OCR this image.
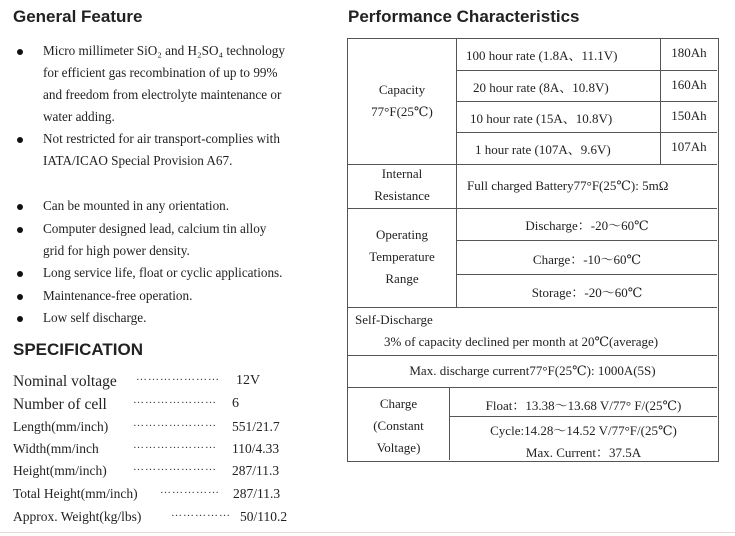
General Feature
Micro millimeter SiO₂ and H₂SO₄ technology
for efficient gas recombination of up to 99%
and freedom from electrolyte maintenance or
water adding.
Not restricted for air transport-complies with
IATA/ICAO Special Provision A67.
Can be mounted in any orientation.
Computer designed lead, calcium tin alloy
grid for high power density.
Long service life, float or cyclic applications.
Maintenance-free operation.
Low self discharge.
SPECIFICATION
Nominal voltage ………………… 12V
Number of cell ………………… 6
Length(mm/inch) ………………… 551/21.7
Width(mm/inch	………………… 110/4.33
Height(mm/inch) ………………… 287/11.3
Total Height(mm/inch) …………… 287/11.3
Approx. Weight(kg/lbs)	…………… 50/110.2
Performance Characteristics
Capacity
77°F(25℃)
100 hour rate (1.8A、11.1V)	180Ah
20 hour rate (8A、10.8V)	160Ah
10 hour rate (15A、10.8V)	150Ah
1 hour rate (107A、9.6V)	107Ah
Internal
Resistance
Full charged Battery77°F(25℃): 5mΩ
Operating
Temperature
Range
Discharge：-20～60℃
Charge：-10～60℃
Storage：-20～60℃
Self-Discharge
3% of capacity declined per month at 20℃(average)
Max. discharge current77°F(25℃): 1000A(5S)
Charge
(Constant
Voltage)
Float：13.38～13.68 V/77° F/(25℃)
Cycle:14.28～14.52 V/77°F/(25℃)
Max. Current：37.5A
